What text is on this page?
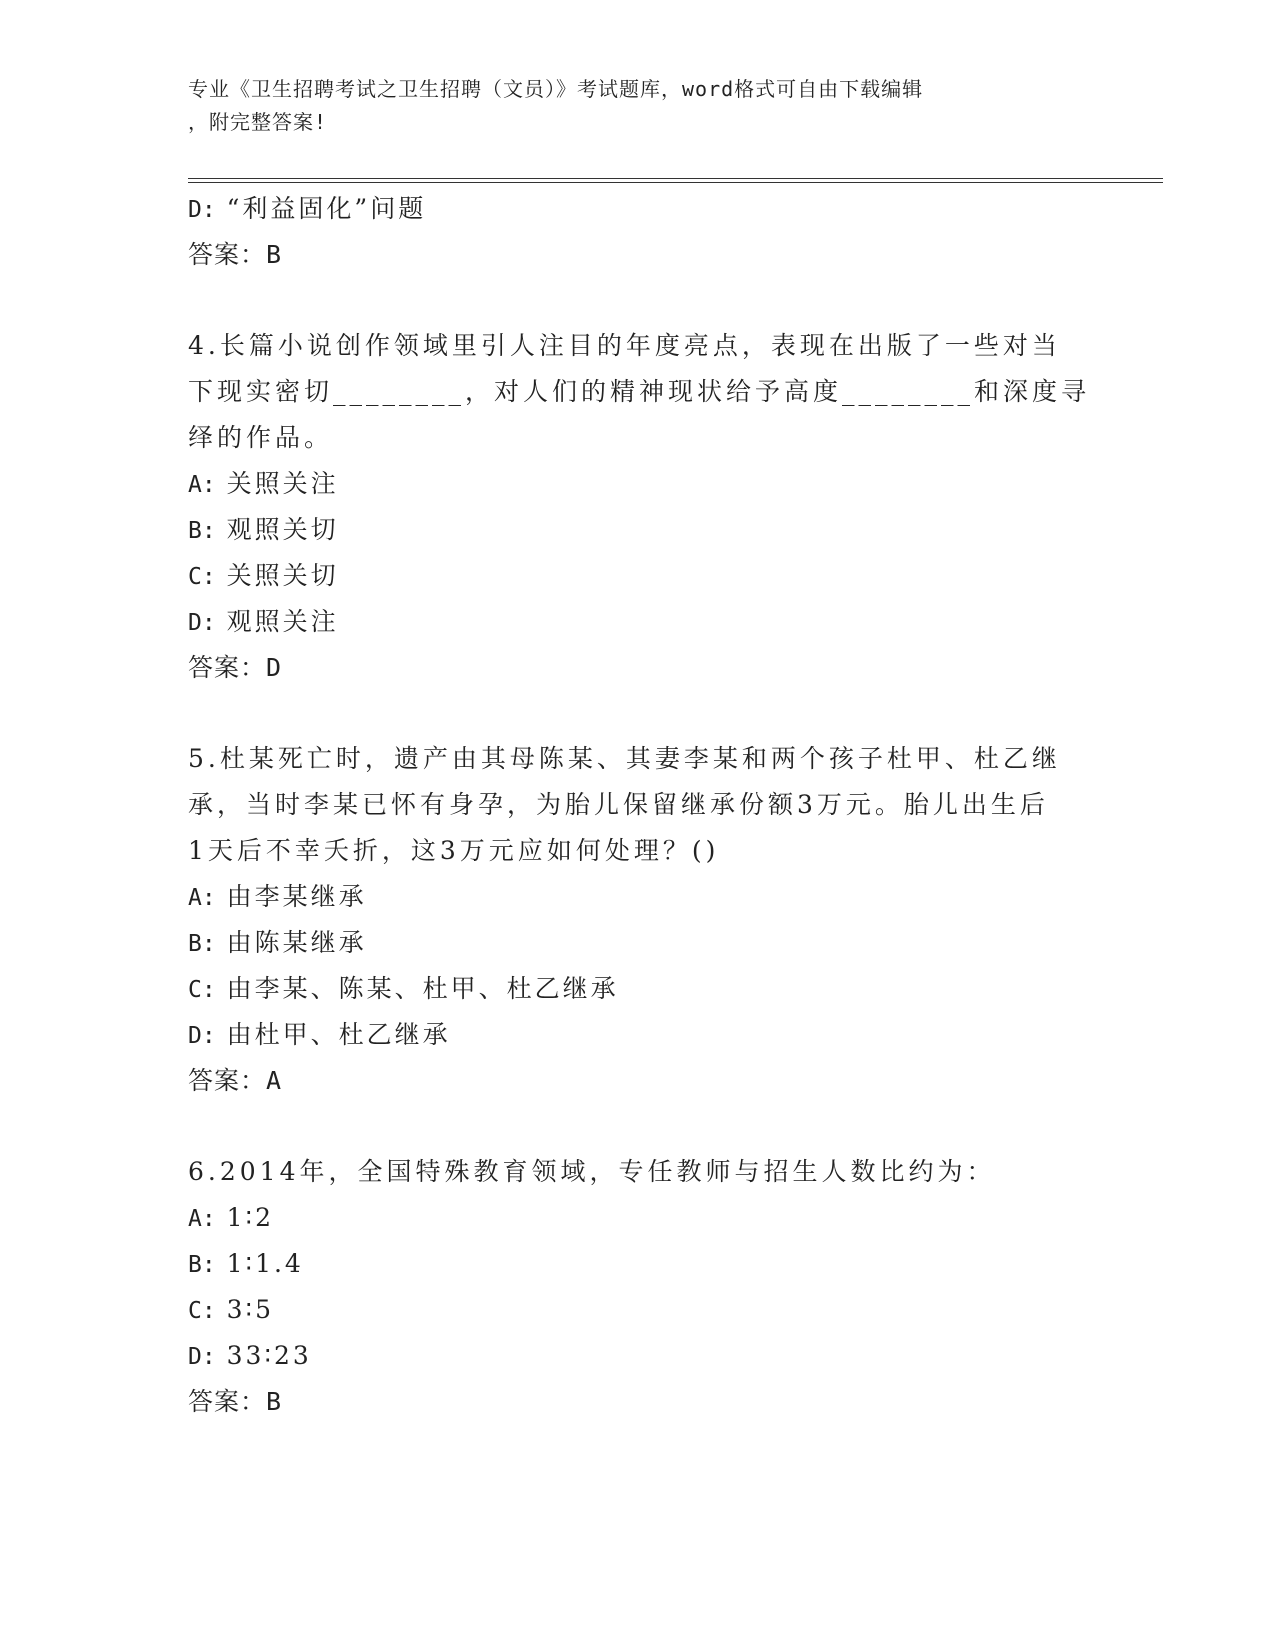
专业《卫生招聘考试之卫生招聘（文员）》考试题库，word格式可自由下载编辑
，附完整答案!
D: “利益固化”问题
答案：B
4.长篇小说创作领域里引人注目的年度亮点，表现在出版了一些对当
下现实密切________，对人们的精神现状给予高度________和深度寻
绎的作品。
A: 关照关注
B: 观照关切
C: 关照关切
D: 观照关注
答案：D
5.杜某死亡时，遗产由其母陈某、其妻李某和两个孩子杜甲、杜乙继
承，当时李某已怀有身孕，为胎儿保留继承份额3万元。胎儿出生后
1天后不幸夭折，这3万元应如何处理？()
A: 由李某继承
B: 由陈某继承
C: 由李某、陈某、杜甲、杜乙继承
D: 由杜甲、杜乙继承
答案：A
6.2014年，全国特殊教育领域，专任教师与招生人数比约为：
A: 1∶2
B: 1∶1.4
C: 3∶5
D: 33∶23
答案：B
